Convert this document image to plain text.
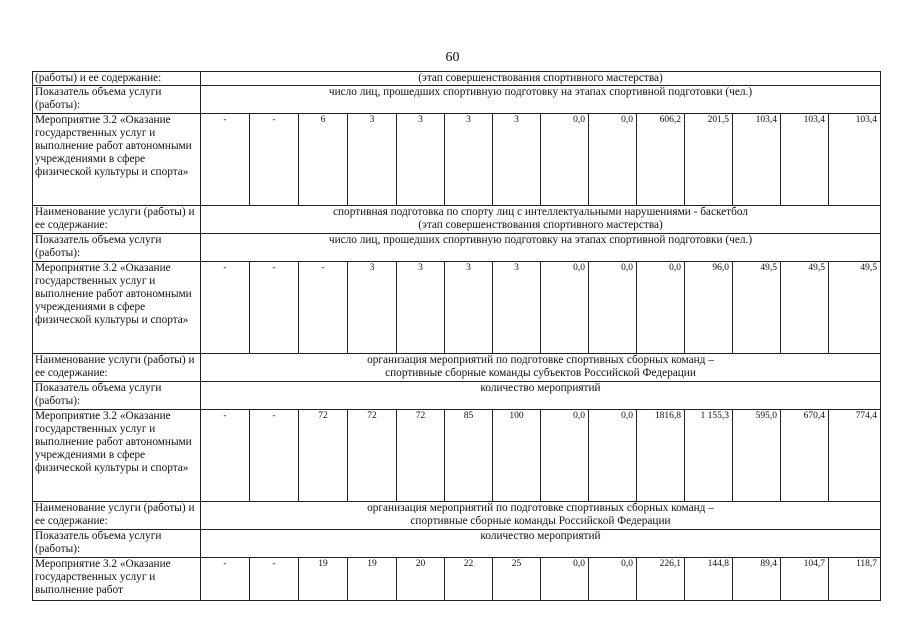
60
(работы) и ее содержание:	(этап совершенствования спортивного мастерства)													

Показатель объема услуги (работы):	число лиц, прошедших спортивную подготовку на этапах спортивной подготовки (чел.)													
Мероприятие 3.2 «Оказание государственных услуг и выполнение работ автономными учреждениями в сфере физической культуры и спорта»	-	-	6	3	3	3	3	0,0	0,0	606,2	201,5	103,4	103,4	103,4
Наименование услуги (работы) и ее содержание:	спортивная подготовка по спорту лиц с интеллектуальными нарушениями - баскетбол
(этап совершенствования спортивного мастерства)													

Показатель объема услуги (работы):	число лиц, прошедших спортивную подготовку на этапах спортивной подготовки (чел.)													
Мероприятие 3.2 «Оказание государственных услуг и выполнение работ автономными учреждениями в сфере физической культуры и спорта»	-	-	-	3	3	3	3	0,0	0,0	0,0	96,0	49,5	49,5	49,5
Наименование услуги (работы) и ее содержание:	организация мероприятий по подготовке спортивных сборных команд –
спортивные сборные команды субъектов Российской Федерации													

Показатель объема услуги (работы):	количество мероприятий													
Мероприятие 3.2 «Оказание государственных услуг и выполнение работ автономными учреждениями в сфере физической культуры и спорта»	-	-	72	72	72	85	100	0,0	0,0	1816,8	1 155,3	595,0	670,4	774,4
Наименование услуги (работы) и ее содержание:	организация мероприятий по подготовке спортивных сборных команд –
спортивные сборные команды Российской Федерации													

Показатель объема услуги (работы):	количество мероприятий													
Мероприятие 3.2 «Оказание государственных услуг и выполнение работ	-	-	19	19	20	22	25	0,0	0,0	226,1	144,8	89,4	104,7	118,7
